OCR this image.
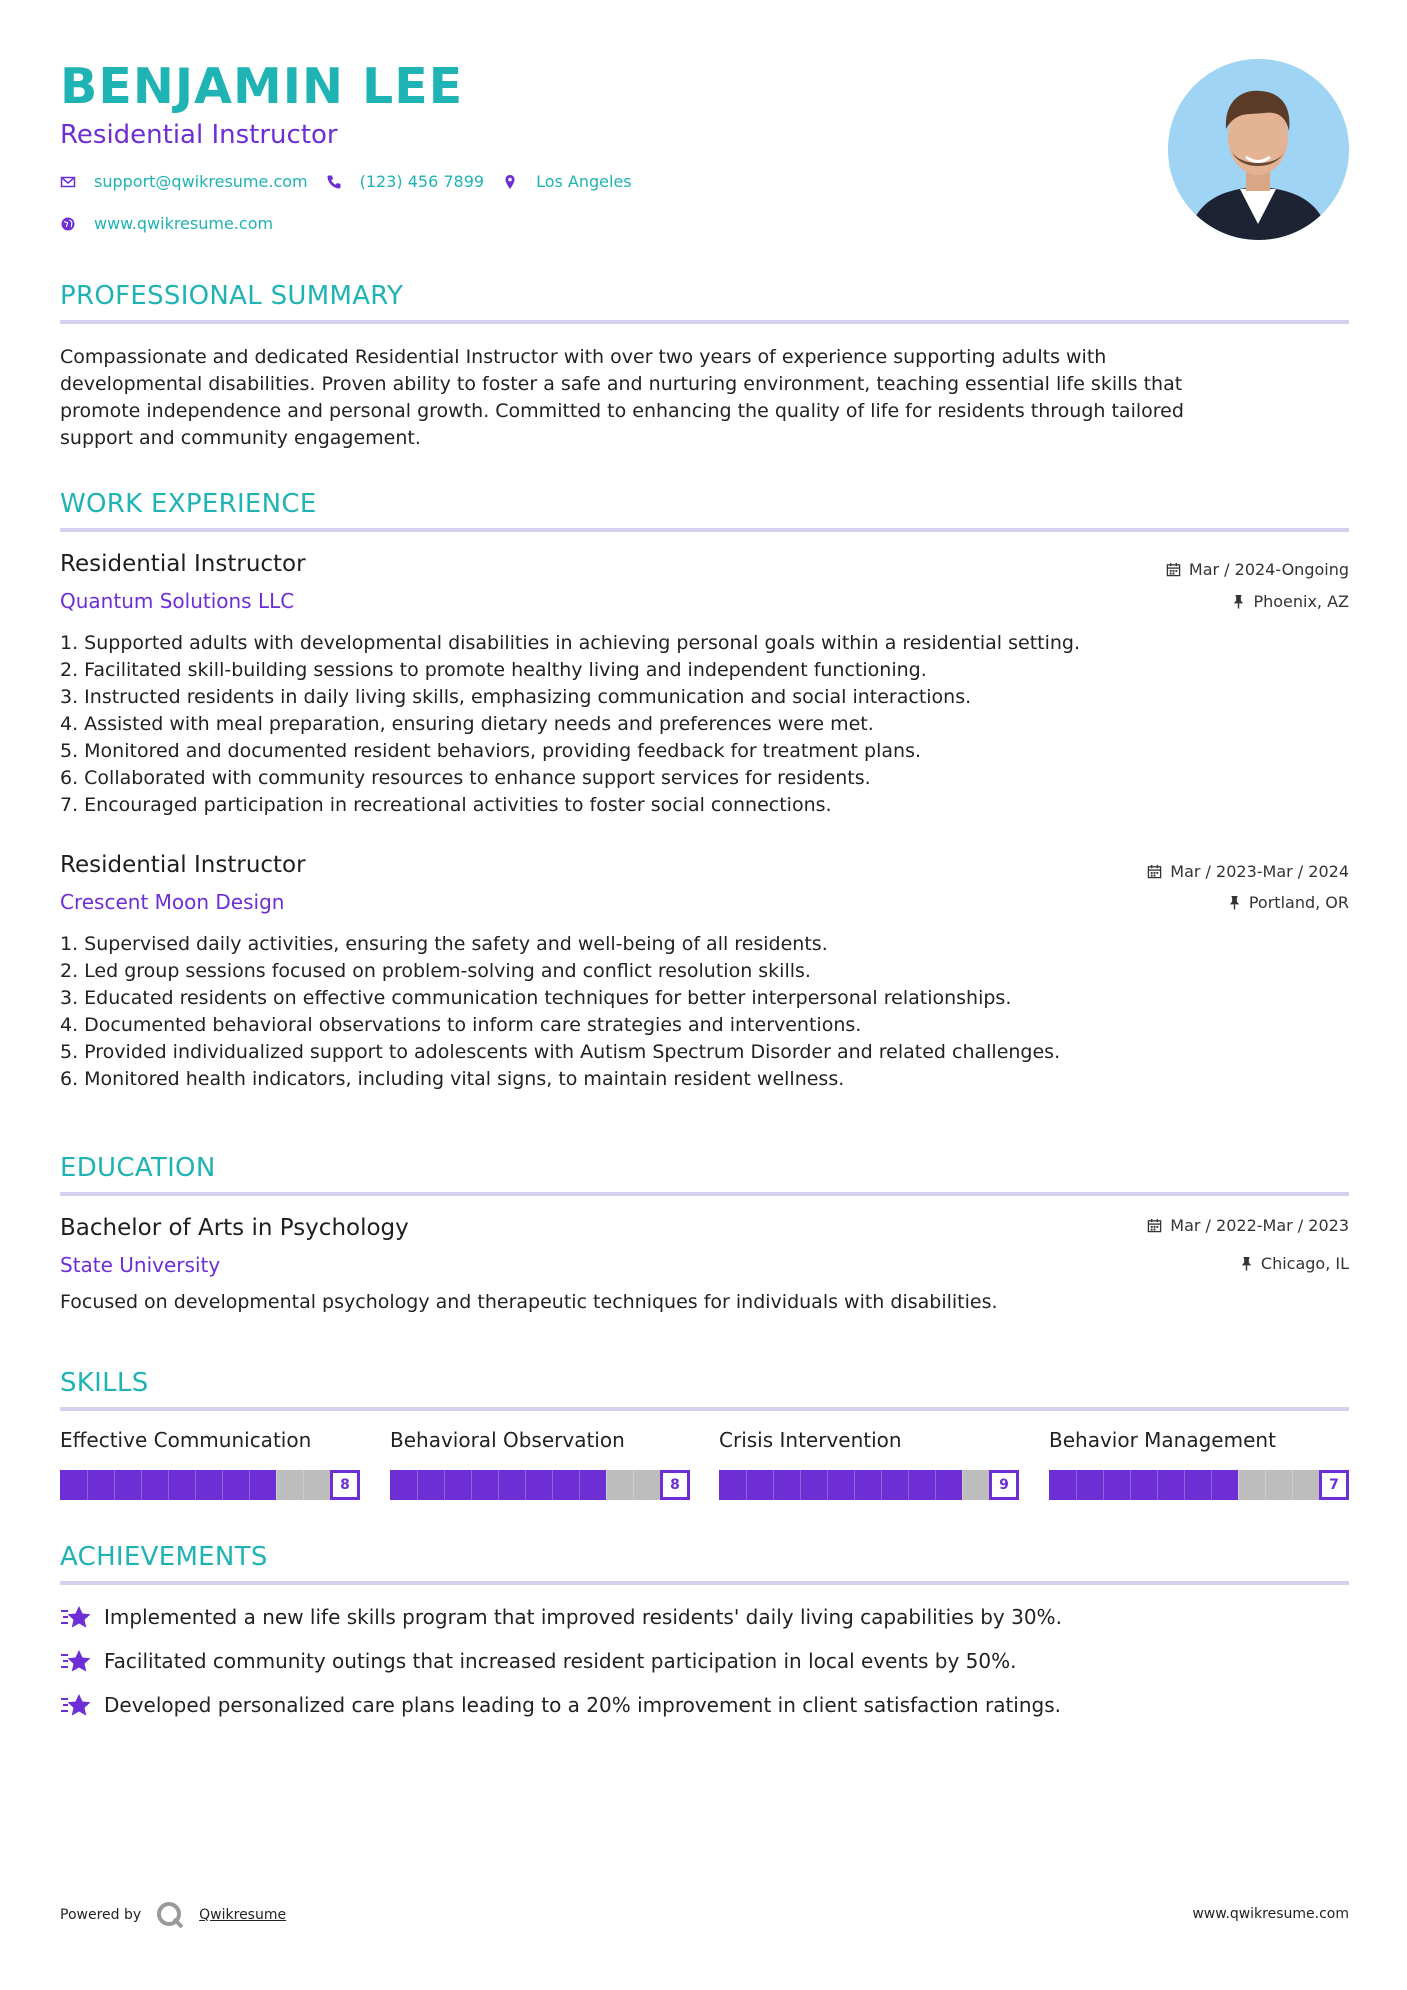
BENJAMIN LEE
Residential Instructor
support@qwikresume.com	(123) 456 7899	Los Angeles
www.qwikresume.com
PROFESSIONAL SUMMARY
Compassionate and dedicated Residential Instructor with over two years of experience supporting adults with
developmental disabilities. Proven ability to foster a safe and nurturing environment, teaching essential life skills that
promote independence and personal growth. Committed to enhancing the quality of life for residents through tailored
support and community engagement.
WORK EXPERIENCE
Residential Instructor
Quantum Solutions LLC
Mar / 2024-Ongoing
Phoenix, AZ
1. Supported adults with developmental disabilities in achieving personal goals within a residential setting.
2. Facilitated skill-building sessions to promote healthy living and independent functioning.
3. Instructed residents in daily living skills, emphasizing communication and social interactions.
4. Assisted with meal preparation, ensuring dietary needs and preferences were met.
5. Monitored and documented resident behaviors, providing feedback for treatment plans.
6. Collaborated with community resources to enhance support services for residents.
7. Encouraged participation in recreational activities to foster social connections.
Residential Instructor
Crescent Moon Design
Mar / 2023-Mar / 2024
Portland, OR
1. Supervised daily activities, ensuring the safety and well-being of all residents.
2. Led group sessions focused on problem-solving and conflict resolution skills.
3. Educated residents on effective communication techniques for better interpersonal relationships.
4. Documented behavioral observations to inform care strategies and interventions.
5. Provided individualized support to adolescents with Autism Spectrum Disorder and related challenges.
6. Monitored health indicators, including vital signs, to maintain resident wellness.
EDUCATION
Bachelor of Arts in Psychology
State University
Mar / 2022-Mar / 2023
Chicago, IL
Focused on developmental psychology and therapeutic techniques for individuals with disabilities.
SKILLS
Effective Communication
8
Behavioral Observation
8
Crisis Intervention
9
Behavior Management
7
ACHIEVEMENTS
Implemented a new life skills program that improved residents' daily living capabilities by 30%.
Facilitated community outings that increased resident participation in local events by 50%.
Developed personalized care plans leading to a 20% improvement in client satisfaction ratings.
Powered by	Qwikresume	www.qwikresume.com
